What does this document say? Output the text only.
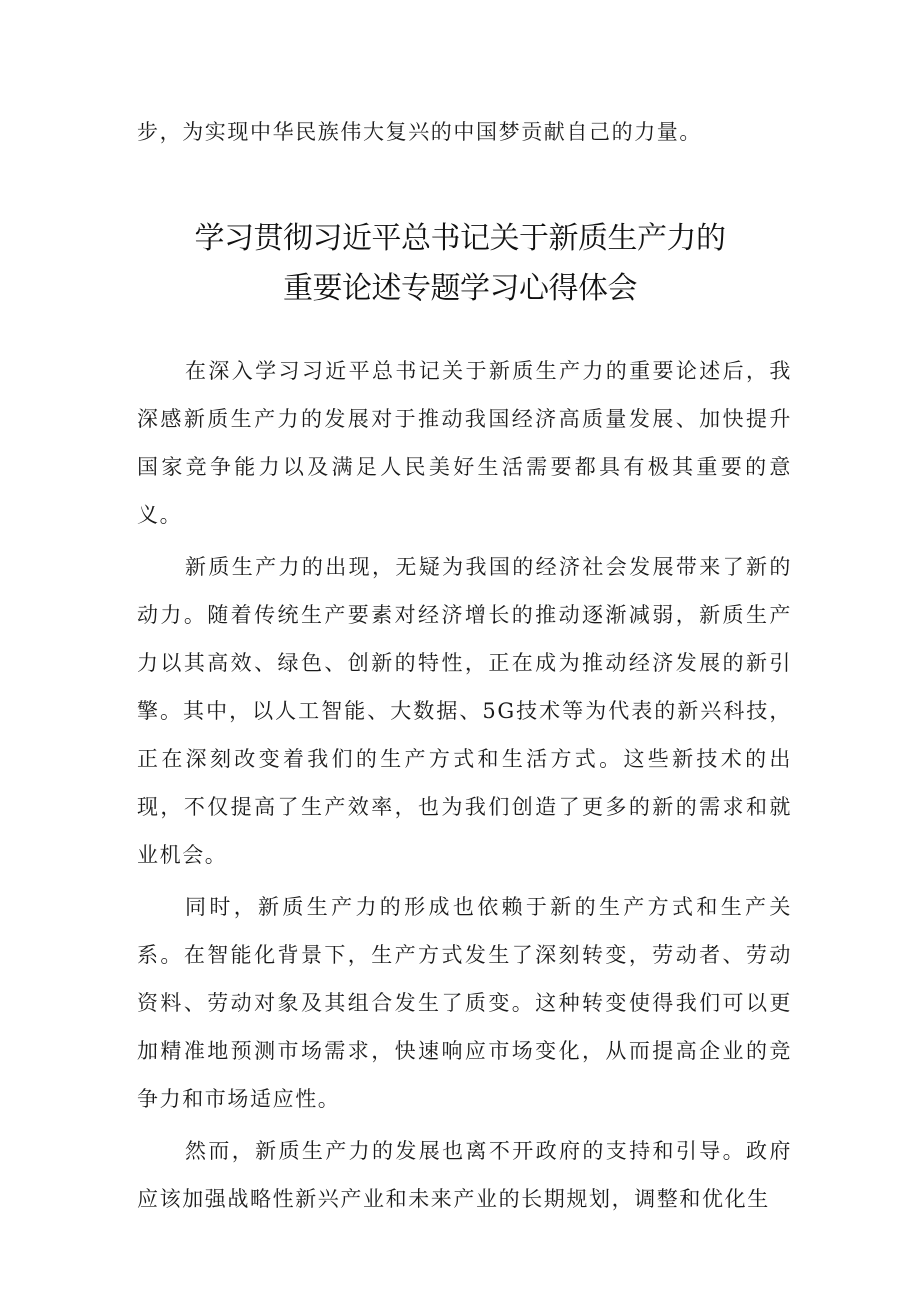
步，为实现中华民族伟大复兴的中国梦贡献自己的力量。

学习贯彻习近平总书记关于新质生产力的
重要论述专题学习心得体会

在深入学习习近平总书记关于新质生产力的重要论述后，我深感新质生产力的发展对于推动我国经济高质量发展、加快提升国家竞争能力以及满足人民美好生活需要都具有极其重要的意义。

新质生产力的出现，无疑为我国的经济社会发展带来了新的动力。随着传统生产要素对经济增长的推动逐渐减弱，新质生产力以其高效、绿色、创新的特性，正在成为推动经济发展的新引擎。其中，以人工智能、大数据、5G技术等为代表的新兴科技，正在深刻改变着我们的生产方式和生活方式。这些新技术的出现，不仅提高了生产效率，也为我们创造了更多的新的需求和就业机会。

同时，新质生产力的形成也依赖于新的生产方式和生产关系。在智能化背景下，生产方式发生了深刻转变，劳动者、劳动资料、劳动对象及其组合发生了质变。这种转变使得我们可以更加精准地预测市场需求，快速响应市场变化，从而提高企业的竞争力和市场适应性。

然而，新质生产力的发展也离不开政府的支持和引导。政府应该加强战略性新兴产业和未来产业的长期规划，调整和优化生
